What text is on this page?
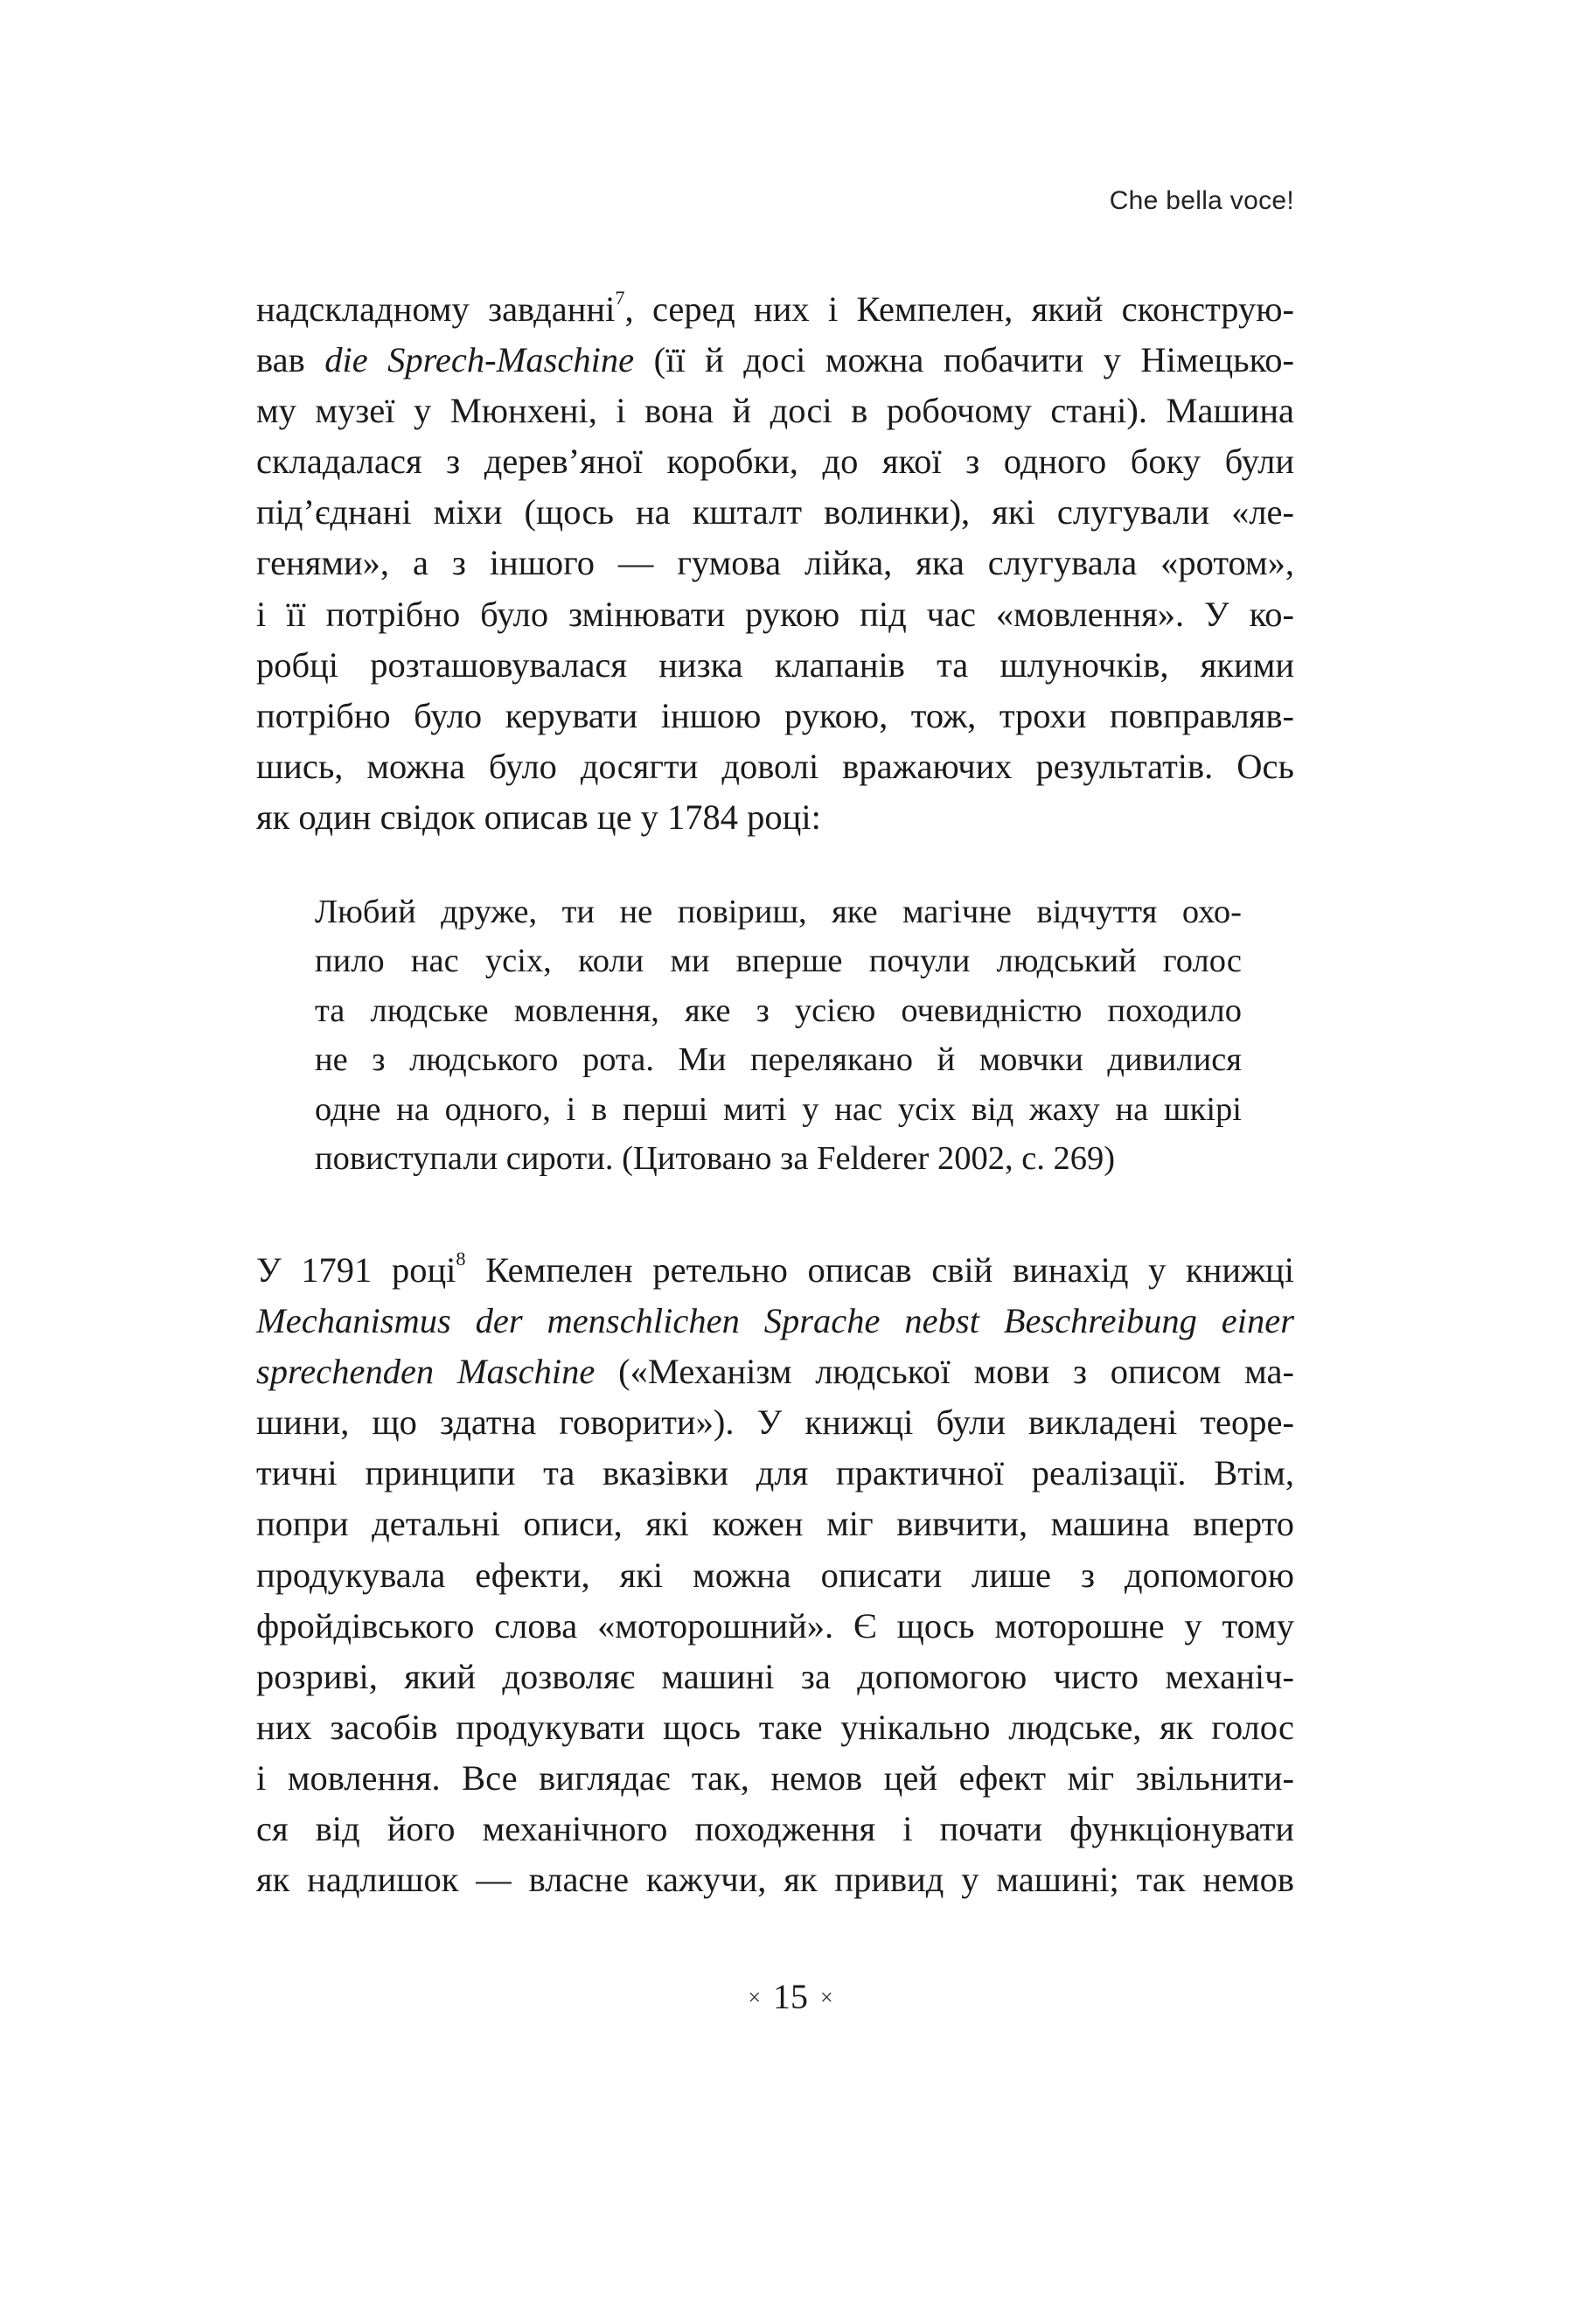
Che bella voce!
надскладному завданні$^7$, серед них і Кемпелен, який сконструю-
вав die Sprech-Maschine (її й досі можна побачити у Німецько-
му музеї у Мюнхені, і вона й досі в робочому стані). Машина
складалася з дерев’яної коробки, до якої з одного боку були
під’єднані міхи (щось на кшталт волинки), які слугували «ле-
генями», а з іншого — гумова лійка, яка слугувала «ротом»,
і її потрібно було змінювати рукою під час «мовлення». У ко-
робці розташовувалася низка клапанів та шлуночків, якими
потрібно було керувати іншою рукою, тож, трохи повправляв-
шись, можна було досягти доволі вражаючих результатів. Ось
як один свідок описав це у 1784 році:
Любий друже, ти не повіриш, яке магічне відчуття охо-
пило нас усіх, коли ми вперше почули людський голос
та людське мовлення, яке з усією очевидністю походило
не з людського рота. Ми перелякано й мовчки дивилися
одне на одного, і в перші миті у нас усіх від жаху на шкірі
повиступали сироти. (Цитовано за Felderer 2002, с. 269)
У 1791 році$^8$ Кемпелен ретельно описав свій винахід у книжці
Mechanismus der menschlichen Sprache nebst Beschreibung einer
sprechenden Maschine («Механізм людської мови з описом ма-
шини, що здатна говорити»). У книжці були викладені теоре-
тичні принципи та вказівки для практичної реалізації. Втім,
попри детальні описи, які кожен міг вивчити, машина вперто
продукувала ефекти, які можна описати лише з допомогою
фройдівського слова «моторошний». Є щось моторошне у тому
розриві, який дозволяє машині за допомогою чисто механіч-
них засобів продукувати щось таке унікально людське, як голос
і мовлення. Все виглядає так, немов цей ефект міг звільнити-
ся від його механічного походження і почати функціонувати
як надлишок — власне кажучи, як привид у машині; так немов
× 15 ×
